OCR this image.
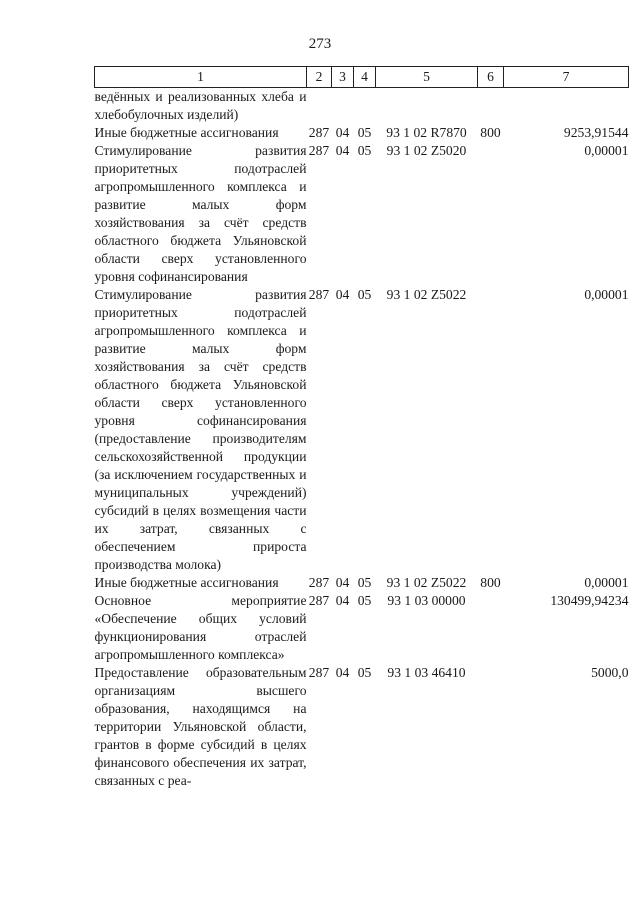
273
1	2	3	4	5	6	7
ведённых и реализованных хлеба и хлебобулочных изделий)						
Иные бюджетные ассигнования	287	04	05	93 1 02 R7870	800	9253,91544
Стимулирование развития приоритетных подотраслей агропромышленного комплекса и развитие малых форм хозяйствования за счёт средств областного бюджета Ульяновской области сверх установленного уровня софинансирования	287	04	05	93 1 02 Z5020		0,00001
Стимулирование развития приоритетных подотраслей агропромышленного комплекса и развитие малых форм хозяйствования за счёт средств областного бюджета Ульяновской области сверх установленного уровня софинансирования (предоставление производителям сельскохозяйственной продукции (за исключением государственных и муниципальных учреждений) субсидий в целях возмещения части их затрат, связанных с обеспечением прироста производства молока)	287	04	05	93 1 02 Z5022		0,00001
Иные бюджетные ассигнования	287	04	05	93 1 02 Z5022	800	0,00001
Основное мероприятие «Обеспечение общих условий функционирования отраслей агропромышленного комплекса»	287	04	05	93 1 03 00000		130499,94234
Предоставление образовательным организациям высшего образования, находящимся на территории Ульяновской области, грантов в форме субсидий в целях финансового обеспечения их затрат, связанных с реа-	287	04	05	93 1 03 46410		5000,0
